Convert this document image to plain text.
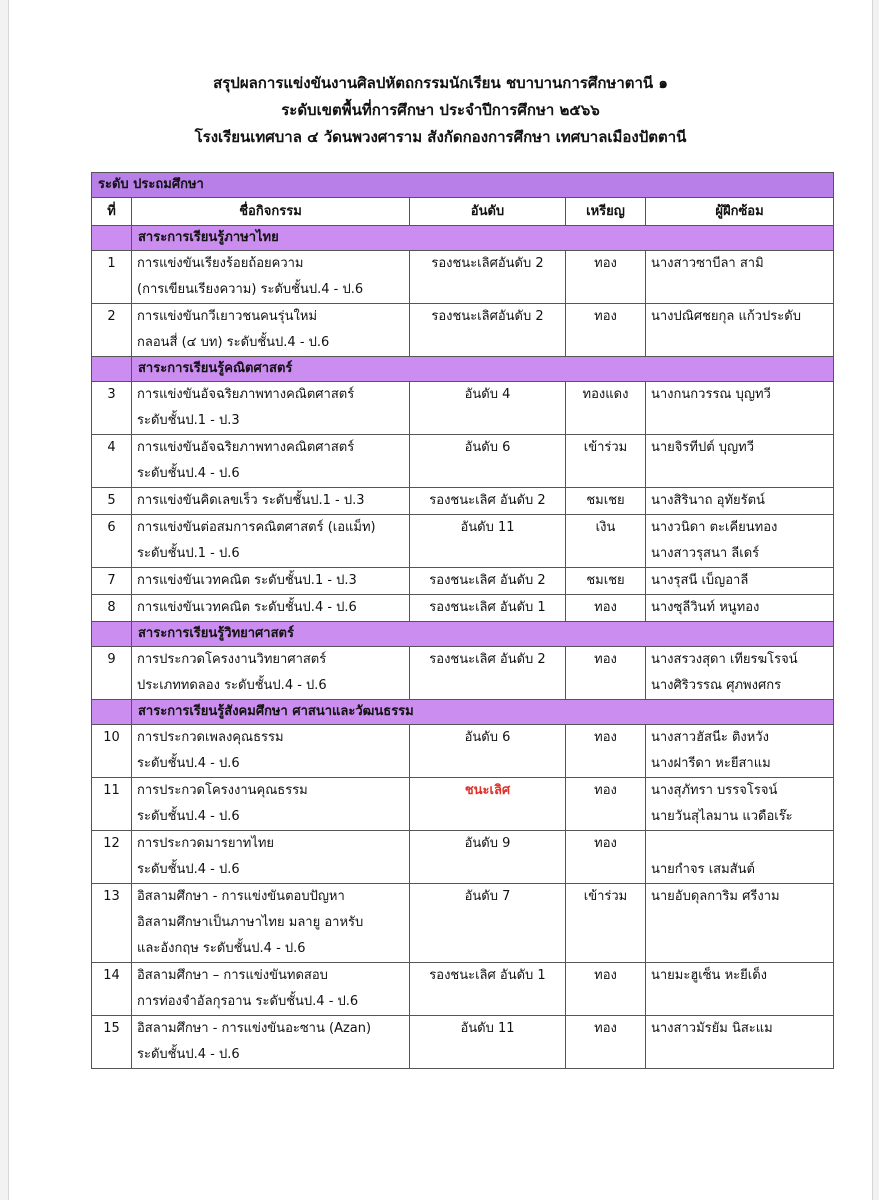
สรุปผลการแข่งขันงานศิลปหัตถกรรมนักเรียน ชบาบานการศึกษาตานี ๑
ระดับเขตพื้นที่การศึกษา ประจำปีการศึกษา ๒๕๖๖
โรงเรียนเทศบาล ๔ วัดนพวงศาราม สังกัดกองการศึกษา เทศบาลเมืองปัตตานี
ระดับ ประถมศึกษา				
ที่	ชื่อกิจกรรม	อันดับ	เหรียญ	ผู้ฝึกซ้อม
	สาระการเรียนรู้ภาษาไทย			
1	การแข่งขันเรียงร้อยถ้อยความ
(การเขียนเรียงความ) ระดับชั้นป.4 - ป.6	รองชนะเลิศอันดับ 2	ทอง	นางสาวซาบีลา สามิ

2	การแข่งขันกวีเยาวชนคนรุ่นใหม่
กลอนสี่ (๔ บท) ระดับชั้นป.4 - ป.6	รองชนะเลิศอันดับ 2	ทอง	นางปณิศชยกุล แก้วประดับ

	สาระการเรียนรู้คณิตศาสตร์			
3	การแข่งขันอัจฉริยภาพทางคณิตศาสตร์
ระดับชั้นป.1 - ป.3	อันดับ 4	ทองแดง	นางกนกวรรณ บุญทวี

4	การแข่งขันอัจฉริยภาพทางคณิตศาสตร์
ระดับชั้นป.4 - ป.6	อันดับ 6	เข้าร่วม	นายจิรทีปต์ บุญทวี

5	การแข่งขันคิดเลขเร็ว ระดับชั้นป.1 - ป.3	รองชนะเลิศ อันดับ 2	ชมเชย	นางสิรินาถ อุทัยรัตน์

6	การแข่งขันต่อสมการคณิตศาสตร์ (เอแม็ท)
ระดับชั้นป.1 - ป.6	อันดับ 11	เงิน	นางวนิดา ตะเคียนทอง
นางสาวรุสนา ลีเดร์

7	การแข่งขันเวทคณิต ระดับชั้นป.1 - ป.3	รองชนะเลิศ อันดับ 2	ชมเชย	นางรุสนี เบ็ญอาลี

8	การแข่งขันเวทคณิต ระดับชั้นป.4 - ป.6	รองชนะเลิศ อันดับ 1	ทอง	นางซุลีวินท์ หนูทอง

	สาระการเรียนรู้วิทยาศาสตร์			
9	การประกวดโครงงานวิทยาศาสตร์
ประเภททดลอง ระดับชั้นป.4 - ป.6	รองชนะเลิศ อันดับ 2	ทอง	นางสรวงสุดา เทียรฆโรจน์
นางศิริวรรณ ศุภพงศกร

	สาระการเรียนรู้สังคมศึกษา ศาสนาและวัฒนธรรม			
10	การประกวดเพลงคุณธรรม
ระดับชั้นป.4 - ป.6	อันดับ 6	ทอง	นางสาวฮัสนีะ ติงหวัง
นางฝารีดา หะยีสาแม

11	การประกวดโครงงานคุณธรรม
ระดับชั้นป.4 - ป.6	ชนะเลิศ	ทอง	นางสุภัทรา บรรจโรจน์
นายวันสุไลมาน แวดือเร๊ะ

12	การประกวดมารยาทไทย
ระดับชั้นป.4 - ป.6	อันดับ 9	ทอง	นายกำจร เสมสันต์

13	อิสลามศึกษา - การแข่งขันตอบปัญหา
อิสลามศึกษาเป็นภาษาไทย มลายู อาหรับ
และอังกฤษ ระดับชั้นป.4 - ป.6	อันดับ 7	เข้าร่วม	นายอับดุลการิม ศรีงาม

14	อิสลามศึกษา – การแข่งขันทดสอบ
การท่องจำอัลกุรอาน ระดับชั้นป.4 - ป.6	รองชนะเลิศ อันดับ 1	ทอง	นายมะฮูเซ็น หะยีเด็ง

15	อิสลามศึกษา - การแข่งขันอะซาน (Azan)
ระดับชั้นป.4 - ป.6	อันดับ 11	ทอง	นางสาวมัรยัม นิสะแม
